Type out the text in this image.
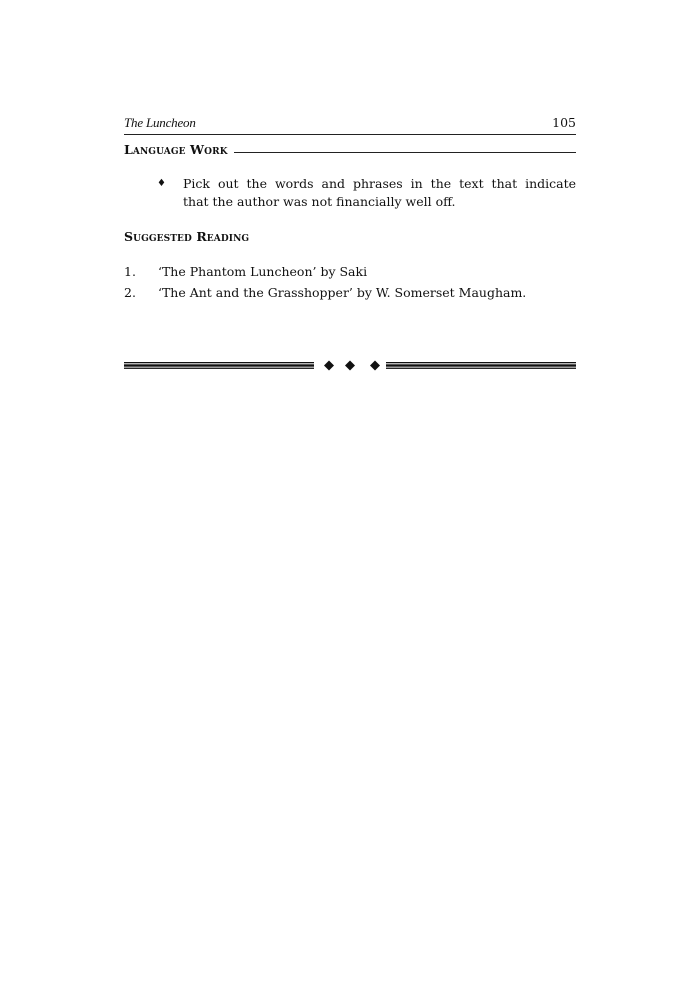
The Luncheon	105
Language Work
♦ Pick out the words and phrases in the text that indicate
that the author was not financially well off.
Suggested Reading
1. ‘The Phantom Luncheon’ by Saki
2. ‘The Ant and the Grasshopper’ by W. Somerset Maugham.
